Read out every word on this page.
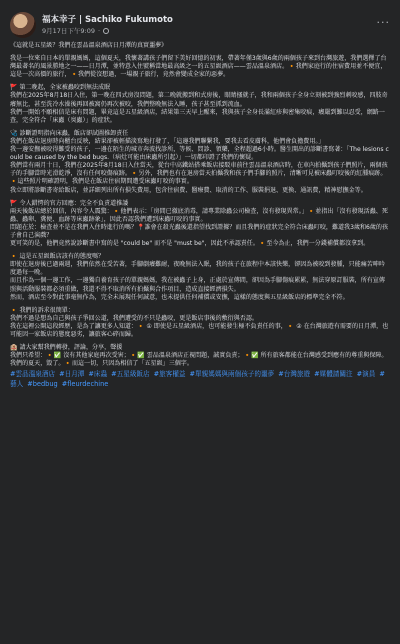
福本幸子 | Sachiko Fukumoto
9月17日下午9:09 ·
···

《這就是五星級？我們在雲品溫泉酒店日月潭的真實噩夢》

我是一位來自日本的單親媽媽，這個夏天，我懷著講孩子們留下美好回憶的初衷，帶著年僅3歲與6歲的兩個孩子來到台灣旅遊，我們選擇了台灣最著名的風景勝地之一——日月潭，並特意入住號稱當地最高級之一的五星級酒店——雲品溫泉酒店。🔸我們家庭行的住宿費用並不便宜，這是一次高價的旅行，🔸我們從沒想過，一場親子旅行，竟然會變成全家的惡夢。

🚩 第二晚起，全家被蟲咬到無法成眠

我們在2025年8月18日入住，第一晚在四式房沒問題，第二晚就搬到和式房後，眼睛搔就子，我和兩個孩子全身立刻被到強烈刺咬感，四肢奇癢無比，甚至洗冷水澡後再回被窩仍再次被咬，我們整晚無法入睡，孩子甚至抓到流血。

我們一開始不願相信是床有問題，畢竟這是五星級酒店，結果第三天早上醒來，我與孩子全身長滿紅疹與密集咬痕，癢嚴到難以忍受，網路一查，完全符合「床蟲（臭蟲）」的症狀。

🩺 診斷證明指向床蟲，飯店卻試圖推卸責任

我們在飯店退房時向櫃台反映，結果卻被輕描淡寫地打發了，「這邊我們聯繫我，要我去看皮膚科，他們會負擔費用。」

我一邊安撫被咬得難受的孩子，一邊在陌生的城市奔波找診所，等候、問診、領藥，全程超過6小時。醫生開出的診斷書寫著：「The lesions could be caused by the bed bugs.（病灶可能由床蟲所引起）」一切都印證了我們的懷疑。

我們當有兩月十日，我們在2025年8月18日入住當天，從台中高鐵站搭乘飯店接駁車前往雲品溫泉酒店時，在車內拍攝到孩子們照片，兩個孩子的手腳當時光滑乾淨，沒有任何咬傷痕跡。🔸另外，我們也有在退房當天拍攝我和孩子們手腳的照片，清晰可見被床蟲叮咬後的紅腫痕跡。🔸這些照片明確證明，我們是在飯店住宿期間遭受床蟲叮咬的事實。

我立即將診斷書寄給飯店，並詳細列出所有損失費用，包含往宿費、醫療費、取消的工作、服裝捐退、更換、通訊費，精神慰撫金等。

🚩 令人錯愕的官方回應：完全不負責道推諉

兩天後飯店總於回信，內容令人震驚：🔸他們表示：「房間已徹底消毒，請專業除蟲公司檢查，沒有發現異常。」🔸並指出「沒有發現活蟲、死蟲、蟲卵、糞便、血跡等床蟲跡象」，因此否認我們遭到床蟲叮咬的事實。

問題在於：檢查並不是在我們入住時進行的嗎？📍誰會在殺光蟲後還指望找到證據？而且我們的症狀完全符合床蟲叮咬，難道我3歲和6歲的孩子會自己演戲？

更可笑的是，他們竟然說診斷書中寫的是 "could be" 而不是 "must be"，因此不承認責任。🔸至今為止，我們一分錢補償都沒拿到。

🔸 這是五星級飯店該有的態度嗎？

即使在退房後已過兩週，我們依然在受苦著，手腳劇癢難耐，夜晚無法入眠，我的孩子在旅程中本該快樂，卻因為被咬到發腫，只能痛苦呻吟度過每一晚。

而且作為一個一邊工作，一邊獨自養育孩子的單親媽媽，我在被蟲子上身，正處於宣傳間，卻因為手腳傷痕累累，無法穿原訂服裝，所有宣傳照與活動服裝都必須重做，我還不得不取消所有拍攝與合作項目，造成直接經濟損失。

然而，酒店至今對此事毫無作為，完全未展現任何誠意，也未提供任何補償或安撫，這樣的態度與五星級飯店的標準完全不符。

🔸 我們的訴求很簡單：

我們不過是想為自己與孩子爭回公道，我們遭受的不只是蟲咬，更是飯店事後的敷衍與否認。

我在這裡公開這段經歷，是為了讓更多人知道：🔸 ① 即使是五星級酒店，也可能發生極不負責任的事，🔸 ② 在台灣旅遊有需要的日月潭，也可能因一家飯店的態度惡劣，讓旅客心碎而歸。

🏨 請大家幫我們轉發，評論，分享，聲援

我們只希望：🔸✅ 沒有其他家庭再次受害；🔸✅ 雲品溫泉酒店正視問題，誠實負責；🔸✅ 所有旅客都能在台灣感受到應有的尊重與保障。

我們的夏天，毀了。🔸而這一切，只因為相信了「五星級」三個字。

#雲品溫泉酒店 #日月潭 #床蟲 #五星級飯店 #旅客權益 #單親媽媽與兩個孩子的噩夢 #台灣旅遊 #媒體請關注 #演員 #藝人 #bedbug #fleurdechine
